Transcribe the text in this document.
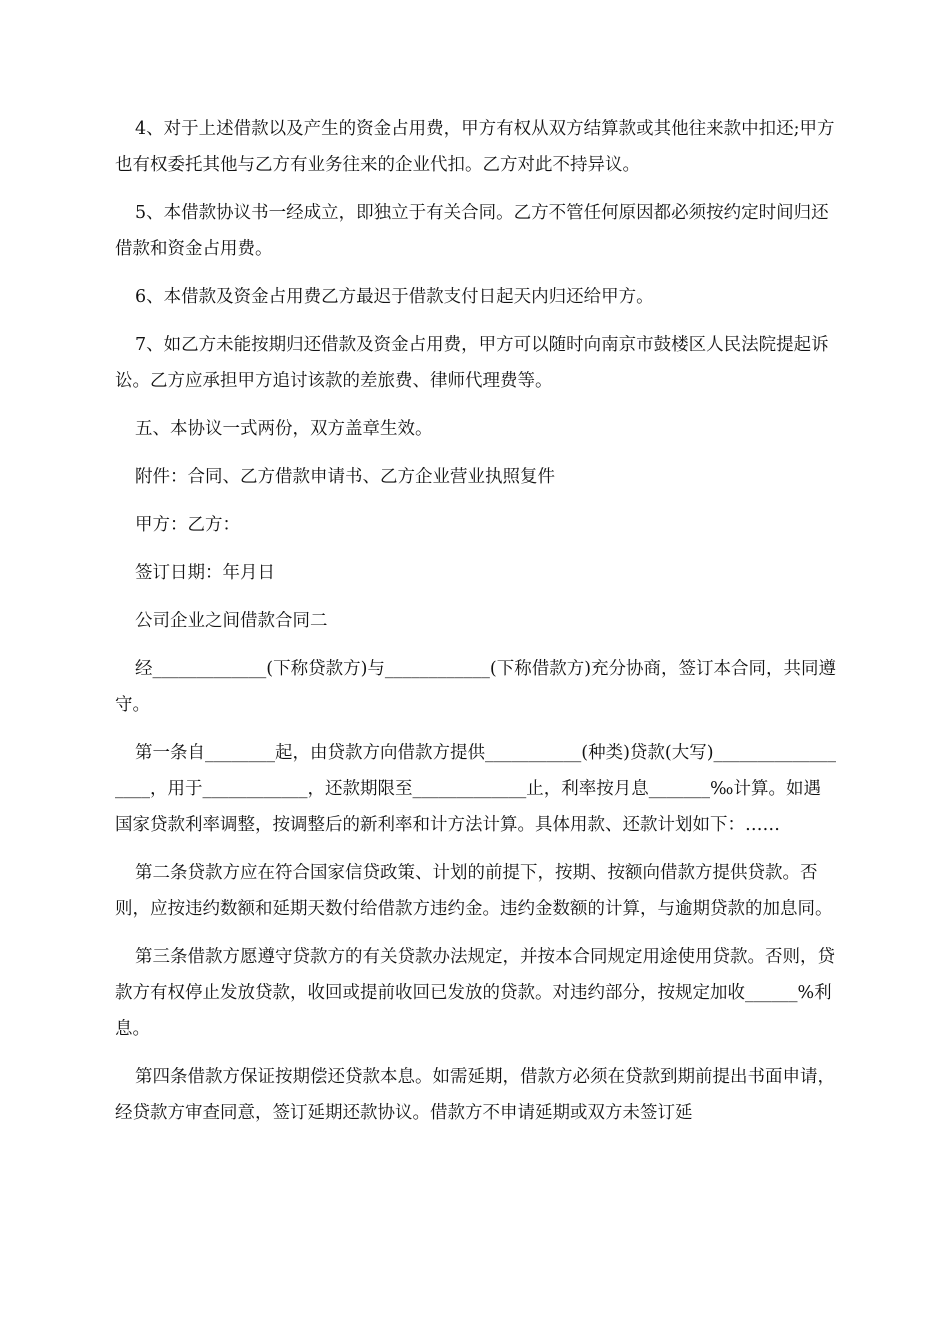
4、对于上述借款以及产生的资金占用费，甲方有权从双方结算款或其他往来款中扣还;甲方也有权委托其他与乙方有业务往来的企业代扣。乙方对此不持异议。

5、本借款协议书一经成立，即独立于有关合同。乙方不管任何原因都必须按约定时间归还借款和资金占用费。

6、本借款及资金占用费乙方最迟于借款支付日起天内归还给甲方。

7、如乙方未能按期归还借款及资金占用费，甲方可以随时向南京市鼓楼区人民法院提起诉讼。乙方应承担甲方追讨该款的差旅费、律师代理费等。

五、本协议一式两份，双方盖章生效。

附件：合同、乙方借款申请书、乙方企业营业执照复件

甲方：乙方：

签订日期：年月日

公司企业之间借款合同二

经_____________(下称贷款方)与____________(下称借款方)充分协商，签订本合同，共同遵守。

第一条自________起，由贷款方向借款方提供___________(种类)贷款(大写)__________________，用于____________，还款期限至_____________止，利率按月息_______‰计算。如遇国家贷款利率调整，按调整后的新利率和计方法计算。具体用款、还款计划如下：……

第二条贷款方应在符合国家信贷政策、计划的前提下，按期、按额向借款方提供贷款。否则，应按违约数额和延期天数付给借款方违约金。违约金数额的计算，与逾期贷款的加息同。

第三条借款方愿遵守贷款方的有关贷款办法规定，并按本合同规定用途使用贷款。否则，贷款方有权停止发放贷款，收回或提前收回已发放的贷款。对违约部分，按规定加收______%利息。

第四条借款方保证按期偿还贷款本息。如需延期，借款方必须在贷款到期前提出书面申请，经贷款方审查同意，签订延期还款协议。借款方不申请延期或双方未签订延
